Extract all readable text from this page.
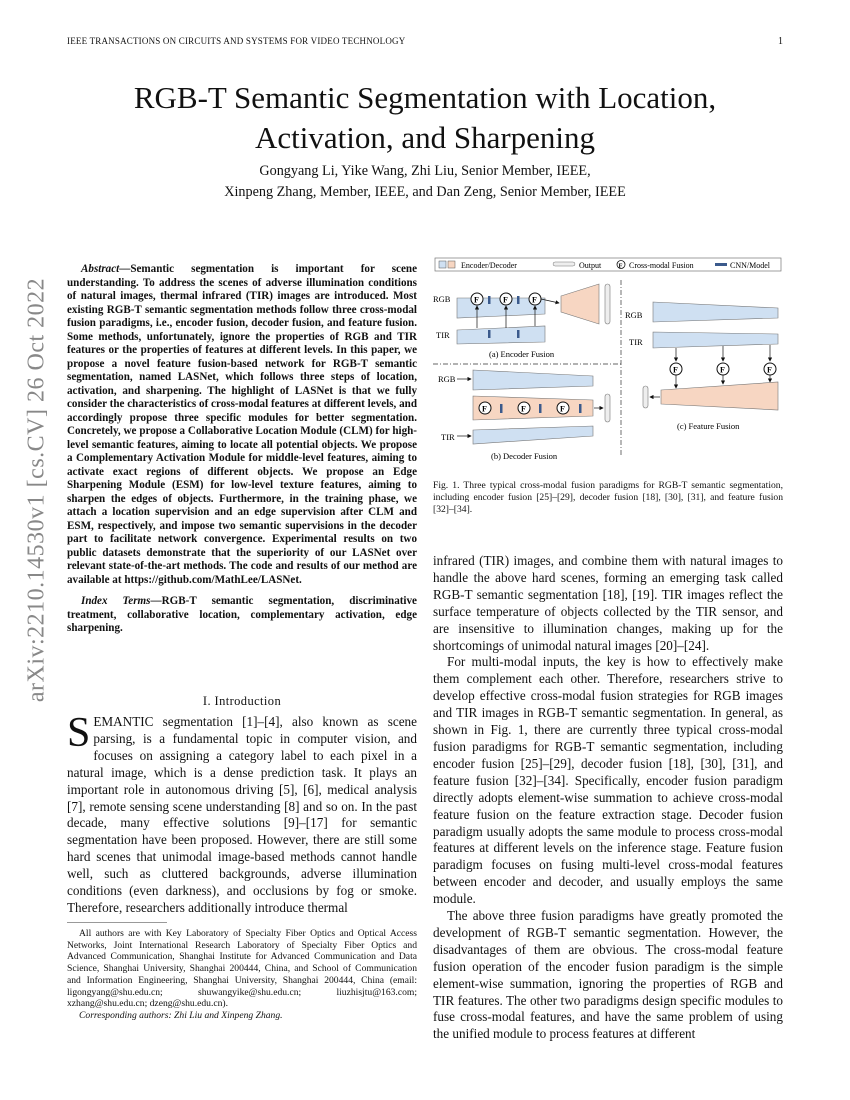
IEEE TRANSACTIONS ON CIRCUITS AND SYSTEMS FOR VIDEO TECHNOLOGY	1
arXiv:2210.14530v1 [cs.CV] 26 Oct 2022
RGB-T Semantic Segmentation with Location, Activation, and Sharpening
Gongyang Li, Yike Wang, Zhi Liu, Senior Member, IEEE,
Xinpeng Zhang, Member, IEEE, and Dan Zeng, Senior Member, IEEE

Abstract—Semantic segmentation is important for scene understanding. To address the scenes of adverse illumination conditions of natural images, thermal infrared (TIR) images are introduced. Most existing RGB-T semantic segmentation methods follow three cross-modal fusion paradigms, i.e., encoder fusion, decoder fusion, and feature fusion. Some methods, unfortunately, ignore the properties of RGB and TIR features or the properties of features at different levels. In this paper, we propose a novel feature fusion-based network for RGB-T semantic segmentation, named LASNet, which follows three steps of location, activation, and sharpening. The highlight of LASNet is that we fully consider the characteristics of cross-modal features at different levels, and accordingly propose three specific modules for better segmentation. Concretely, we propose a Collaborative Location Module (CLM) for high-level semantic features, aiming to locate all potential objects. We propose a Complementary Activation Module for middle-level features, aiming to activate exact regions of different objects. We propose an Edge Sharpening Module (ESM) for low-level texture features, aiming to sharpen the edges of objects. Furthermore, in the training phase, we attach a location supervision and an edge supervision after CLM and ESM, respectively, and impose two semantic supervisions in the decoder part to facilitate network convergence. Experimental results on two public datasets demonstrate that the superiority of our LASNet over relevant state-of-the-art methods. The code and results of our method are available at https://github.com/MathLee/LASNet.

Index Terms—RGB-T semantic segmentation, discriminative treatment, collaborative location, complementary activation, edge sharpening.

I. Introduction

SEMANTIC segmentation [1]–[4], also known as scene parsing, is a fundamental topic in computer vision, and focuses on assigning a category label to each pixel in a natural image, which is a dense prediction task. It plays an important role in autonomous driving [5], [6], medical analysis [7], remote sensing scene understanding [8] and so on. In the past decade, many effective solutions [9]–[17] for semantic segmentation have been proposed. However, there are still some hard scenes that unimodal image-based methods cannot handle well, such as cluttered backgrounds, adverse illumination conditions (even darkness), and occlusions by fog or smoke. Therefore, researchers additionally introduce thermal

All authors are with Key Laboratory of Specialty Fiber Optics and Optical Access Networks, Joint International Research Laboratory of Specialty Fiber Optics and Advanced Communication, Shanghai Institute for Advanced Communication and Data Science, Shanghai University, Shanghai 200444, China, and School of Communication and Information Engineering, Shanghai University, Shanghai 200444, China (email: ligongyang@shu.edu.cn; shuwangyike@shu.edu.cn; liuzhisjtu@163.com; xzhang@shu.edu.cn; dzeng@shu.edu.cn).

Corresponding authors: Zhi Liu and Xinpeng Zhang.

Encoder/Decoder	Output	F Cross-modal Fusion	CNN/Model
RGB
TIR
F	F	F
(a) Encoder Fusion
RGB
TIR
F	F	F
(b) Decoder Fusion
RGB
TIR
F	F	F
(c) Feature Fusion
Fig. 1. Three typical cross-modal fusion paradigms for RGB-T semantic segmentation, including encoder fusion [25]–[29], decoder fusion [18], [30], [31], and feature fusion [32]–[34].

infrared (TIR) images, and combine them with natural images to handle the above hard scenes, forming an emerging task called RGB-T semantic segmentation [18], [19]. TIR images reflect the surface temperature of objects collected by the TIR sensor, and are insensitive to illumination changes, making up for the shortcomings of unimodal natural images [20]–[24].

For multi-modal inputs, the key is how to effectively make them complement each other. Therefore, researchers strive to develop effective cross-modal fusion strategies for RGB images and TIR images in RGB-T semantic segmentation. In general, as shown in Fig. 1, there are currently three typical cross-modal fusion paradigms for RGB-T semantic segmentation, including encoder fusion [25]–[29], decoder fusion [18], [30], [31], and feature fusion [32]–[34]. Specifically, encoder fusion paradigm directly adopts element-wise summation to achieve cross-modal feature fusion on the feature extraction stage. Decoder fusion paradigm usually adopts the same module to process cross-modal features at different levels on the inference stage. Feature fusion paradigm focuses on fusing multi-level cross-modal features between encoder and decoder, and usually employs the same module.

The above three fusion paradigms have greatly promoted the development of RGB-T semantic segmentation. However, the disadvantages of them are obvious. The cross-modal feature fusion operation of the encoder fusion paradigm is the simple element-wise summation, ignoring the properties of RGB and TIR features. The other two paradigms design specific modules to fuse cross-modal features, and have the same problem of using the unified module to process features at different
